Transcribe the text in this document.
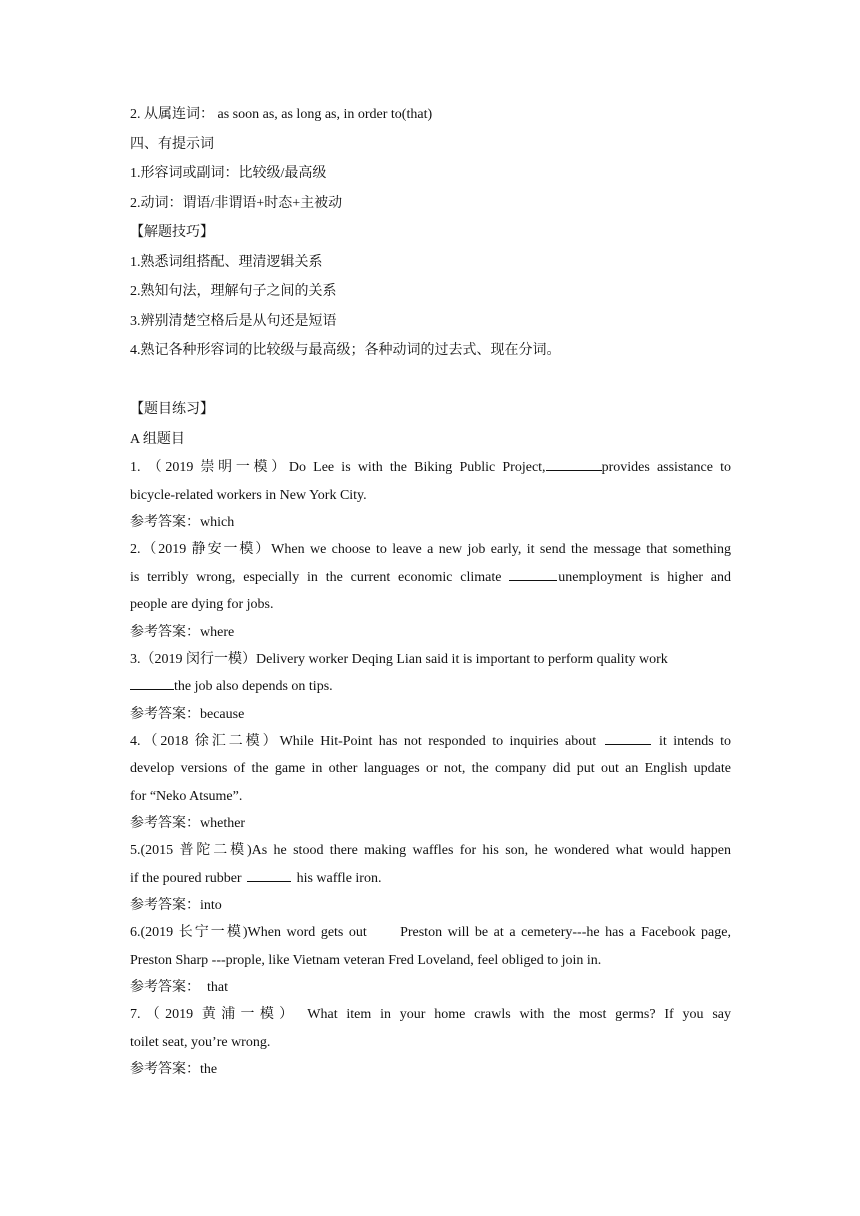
2. 从属连词： as soon as, as long as, in order to(that)
四、有提示词
1.形容词或副词：比较级/最高级
2.动词：谓语/非谓语+时态+主被动
【解题技巧】
1.熟悉词组搭配、理清逻辑关系
2.熟知句法，理解句子之间的关系
3.辨别清楚空格后是从句还是短语
4.熟记各种形容词的比较级与最高级；各种动词的过去式、现在分词。
【题目练习】
A 组题目
1. （2019 崇明一模）Do Lee is with the Biking Public Project,	provides assistance to
bicycle-related workers in New York City.
参考答案：which
2.（2019 静安一模）When we choose to leave a new job early, it send the message that something
is terribly wrong, especially in the current economic climate	unemployment is higher and
people are dying for jobs.
参考答案：where
3.（2019 闵行一模）Delivery worker Deqing Lian said it is important to perform quality work
the job also depends on tips.
参考答案：because
4.（2018 徐汇二模）While Hit-Point has not responded to inquiries about	it intends to
develop versions of the game in other languages or not, the company did put out an English update
for “Neko Atsume”.
参考答案：whether
5.(2015 普陀二模)As he stood there making waffles for his son, he wondered what would happen
if the poured rubber	his waffle iron.
参考答案：into
6.(2019 长宁一模)When word gets out      Preston will be at a cemetery---he has a Facebook page,
Preston Sharp ---prople, like Vietnam veteran Fred Loveland, feel obliged to join in.
参考答案：  that
7.（2019 黄浦一模） What item in your home crawls with the most germs? If you say
toilet seat, you’re wrong.
参考答案：the
